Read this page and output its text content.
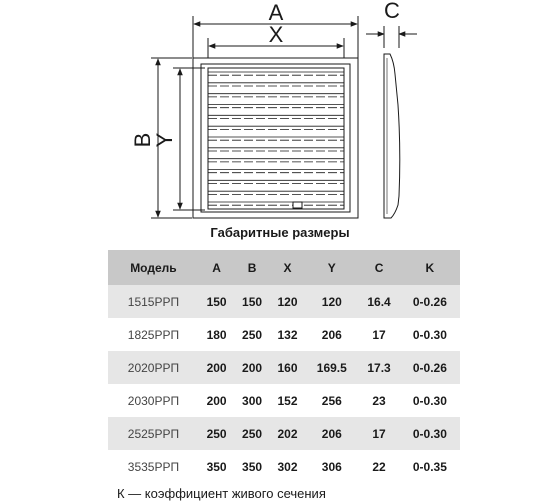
A
X
B
Y
C
Габаритные размеры
Модель	A	B	X	Y	C	K
1515РРП	150	150	120	120	16.4	0-0.26
1825РРП	180	250	132	206	17	0-0.30
2020РРП	200	200	160	169.5	17.3	0-0.26
2030РРП	200	300	152	256	23	0-0.30
2525РРП	250	250	202	206	17	0-0.30
3535РРП	350	350	302	306	22	0-0.35
К — коэффициент живого сечения
